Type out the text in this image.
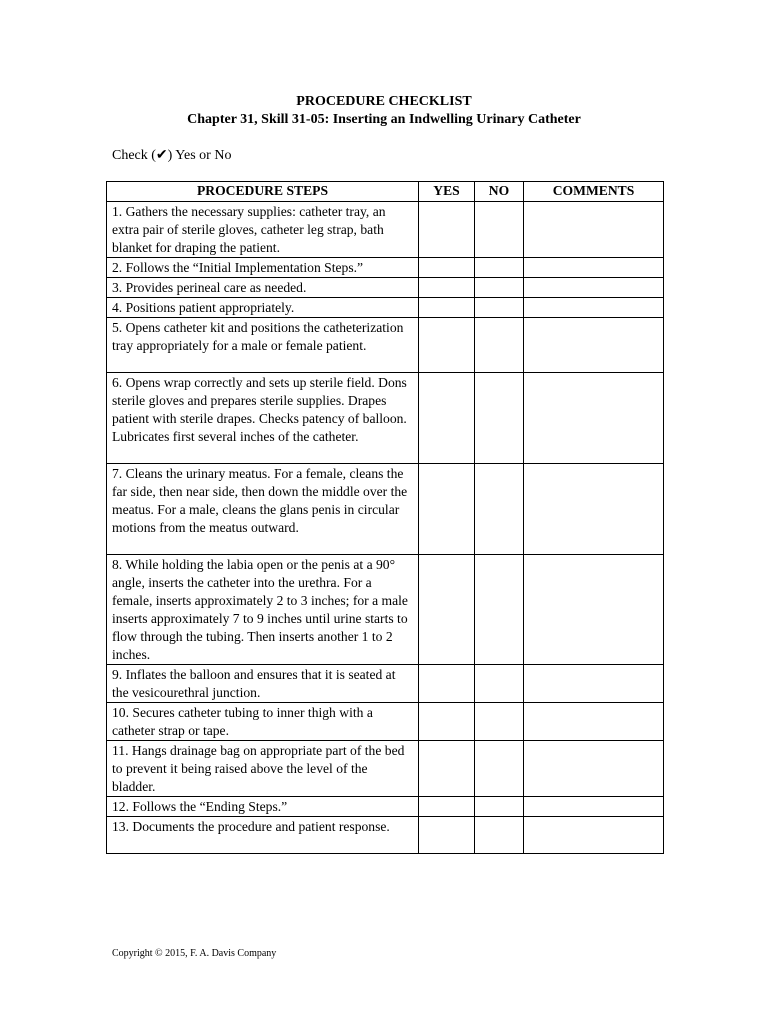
PROCEDURE CHECKLIST
Chapter 31, Skill 31-05: Inserting an Indwelling Urinary Catheter
Check (✔) Yes or No
PROCEDURE STEPS	YES	NO	COMMENTS
1. Gathers the necessary supplies: catheter tray, an extra pair of sterile gloves, catheter leg strap, bath blanket for draping the patient.			
2. Follows the “Initial Implementation Steps.”			
3. Provides perineal care as needed.			
4. Positions patient appropriately.			
5. Opens catheter kit and positions the catheterization tray appropriately for a male or female patient.			
6. Opens wrap correctly and sets up sterile field. Dons sterile gloves and prepares sterile supplies. Drapes patient with sterile drapes. Checks patency of balloon. Lubricates first several inches of the catheter.			
7. Cleans the urinary meatus. For a female, cleans the far side, then near side, then down the middle over the meatus. For a male, cleans the glans penis in circular motions from the meatus outward.			
8. While holding the labia open or the penis at a 90° angle, inserts the catheter into the urethra. For a female, inserts approximately 2 to 3 inches; for a male inserts approximately 7 to 9 inches until urine starts to flow through the tubing. Then inserts another 1 to 2 inches.			
9. Inflates the balloon and ensures that it is seated at the vesicourethral junction.			
10. Secures catheter tubing to inner thigh with a catheter strap or tape.			
11. Hangs drainage bag on appropriate part of the bed to prevent it being raised above the level of the bladder.			
12. Follows the “Ending Steps.”			
13. Documents the procedure and patient response.			
Copyright © 2015, F. A. Davis Company
